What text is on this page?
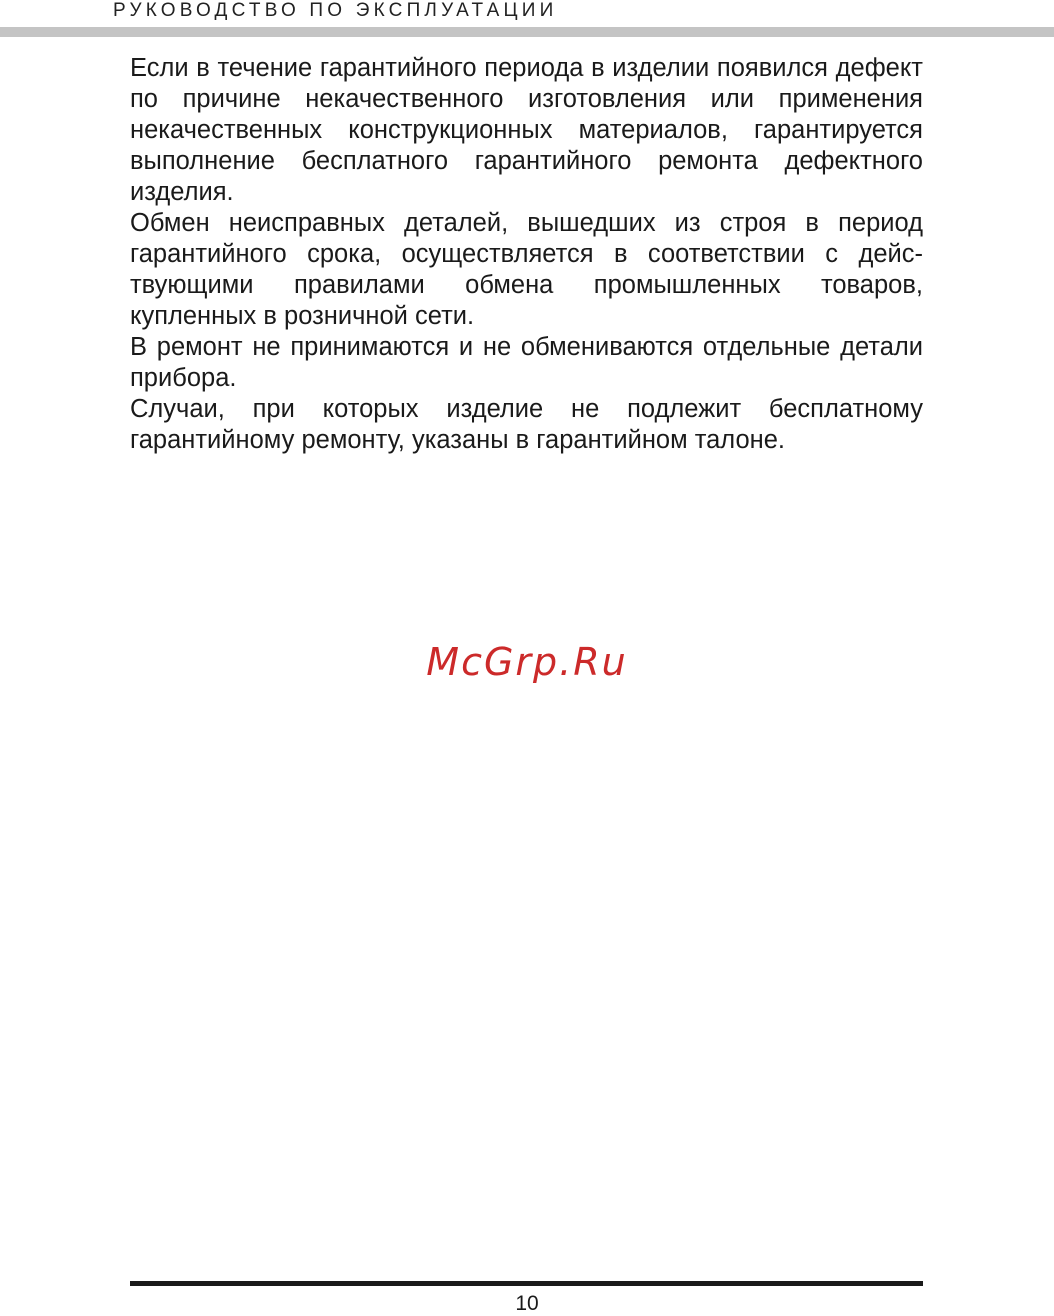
РУКОВОДСТВО ПО ЭКСПЛУАТАЦИИ

Если в течение гарантийного периода в изделии появился дефект по причине некачественного изготовления или применения некачественных конструкционных материалов, гарантируется выполнение бесплатного гарантийного ремонта дефектного изделия.

Обмен неисправных деталей, вышедших из строя в период гарантийного срока, осуществляется в соответствии с действующими правилами обмена промышленных товаров, купленных в розничной сети.

В ремонт не принимаются и не обмениваются отдельные детали прибора.

Случаи, при которых изделие не подлежит бесплатному гарантийному ремонту, указаны в гарантийном талоне.

McGrp.Ru
10
